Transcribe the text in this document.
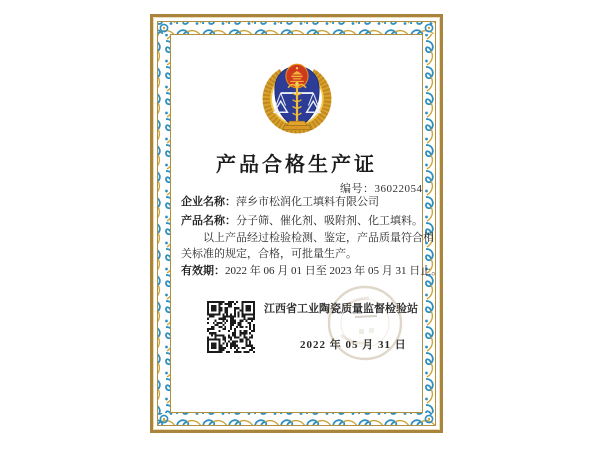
产品合格生产证
编号：36022054
企业名称：萍乡市松润化工填料有限公司
产品名称：分子筛、催化剂、吸附剂、化工填料。
以上产品经过检验检测、鉴定，产品质量符合相
关标准的规定，合格，可批量生产。
有效期：2022 年 06 月 01 日至 2023 年 05 月 31 日止。
江西省工业陶瓷质量监督检验站
2022 年 05 月 31 日
